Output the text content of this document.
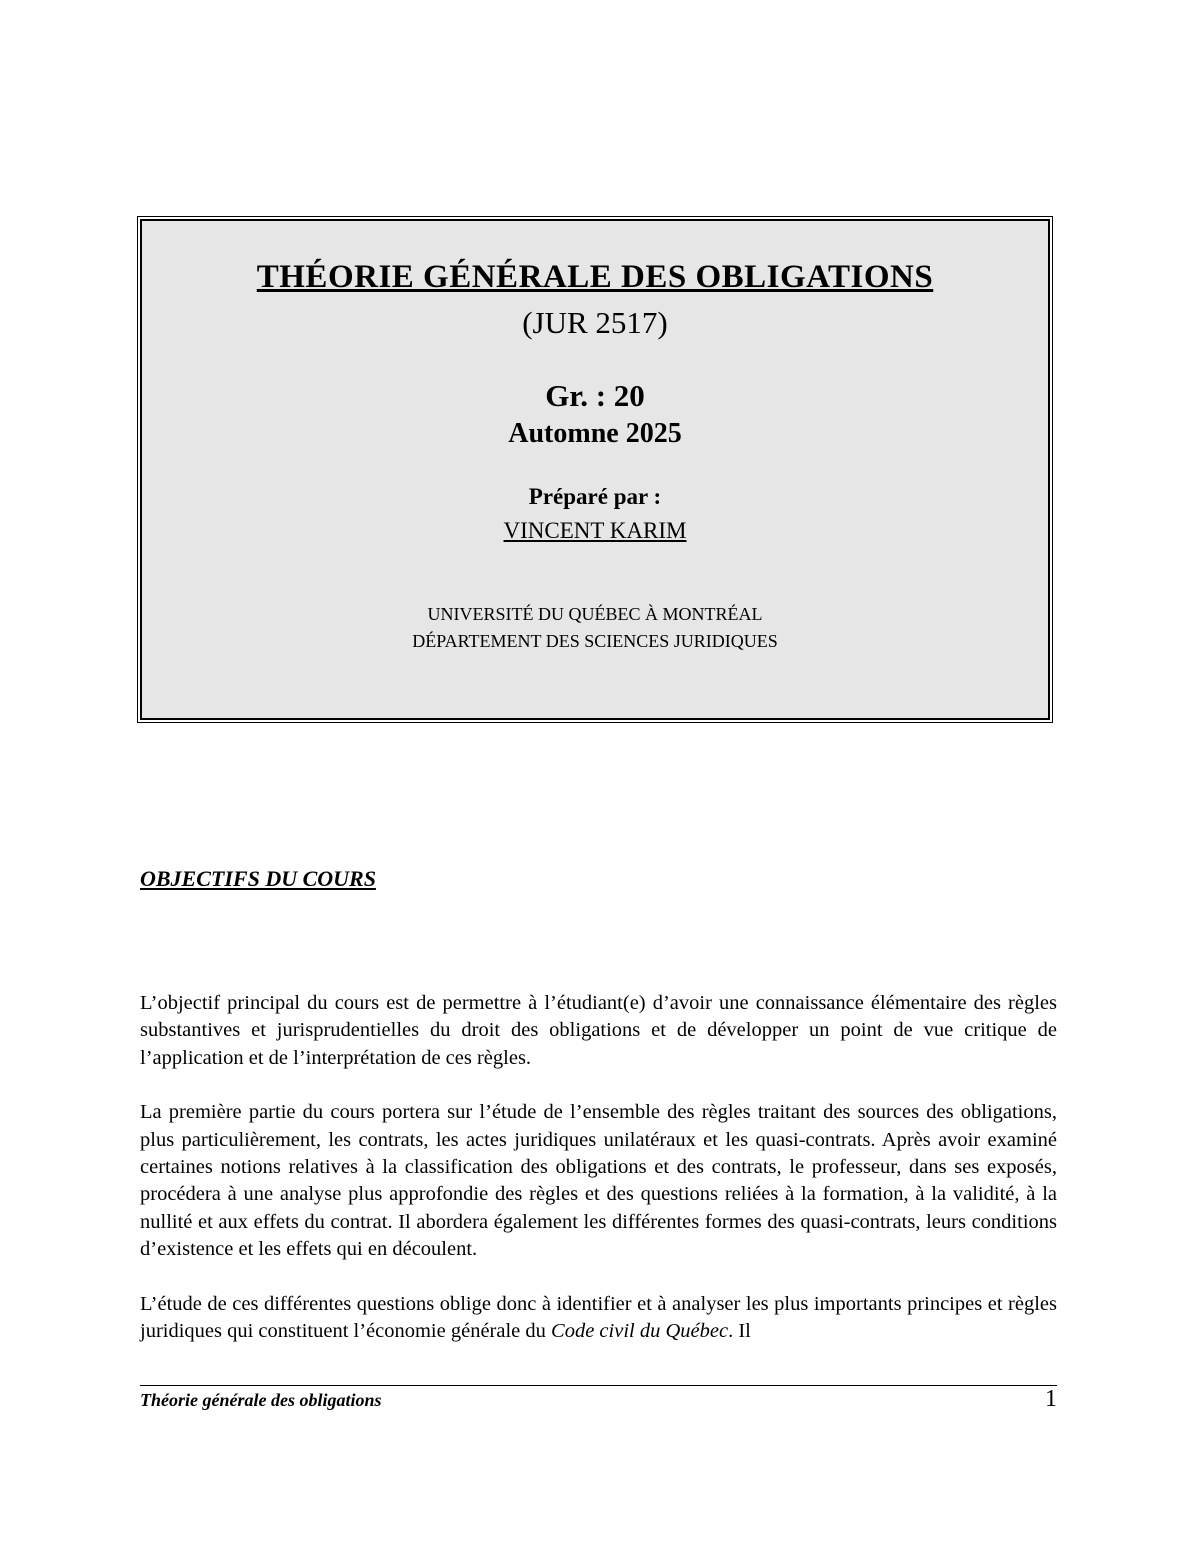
THÉORIE GÉNÉRALE DES OBLIGATIONS
(JUR 2517)
Gr. : 20
Automne 2025
Préparé par :
VINCENT KARIM
UNIVERSITÉ DU QUÉBEC À MONTRÉAL
DÉPARTEMENT DES SCIENCES JURIDIQUES
OBJECTIFS DU COURS

L’objectif principal du cours est de permettre à l’étudiant(e) d’avoir une connaissance élémentaire des règles substantives et jurisprudentielles du droit des obligations et de développer un point de vue critique de l’application et de l’interprétation de ces règles.

La première partie du cours portera sur l’étude de l’ensemble des règles traitant des sources des obligations, plus particulièrement, les contrats, les actes juridiques unilatéraux et les quasi-contrats. Après avoir examiné certaines notions relatives à la classification des obligations et des contrats, le professeur, dans ses exposés, procédera à une analyse plus approfondie des règles et des questions reliées à la formation, à la validité, à la nullité et aux effets du contrat. Il abordera également les différentes formes des quasi-contrats, leurs conditions d’existence et les effets qui en découlent.

L’étude de ces différentes questions oblige donc à identifier et à analyser les plus importants principes et règles juridiques qui constituent l’économie générale du Code civil du Québec. Il

Théorie générale des obligations	1
